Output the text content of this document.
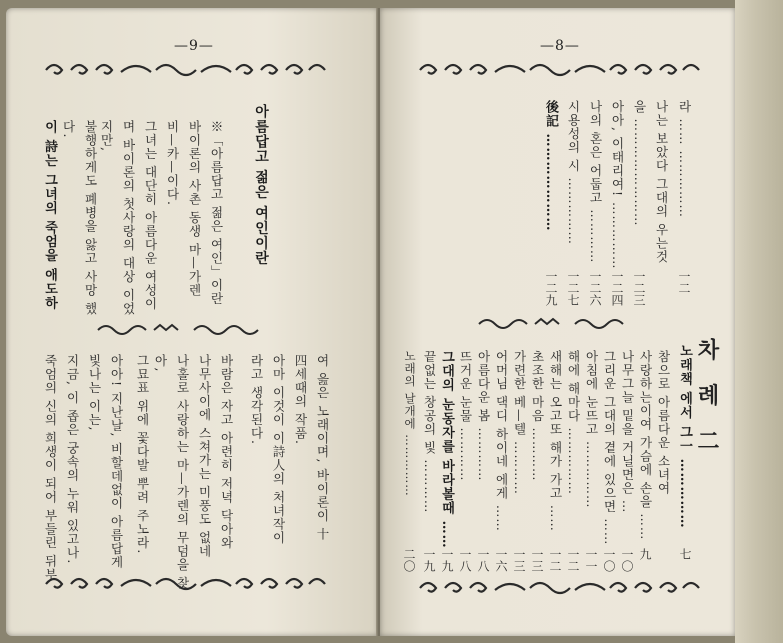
—9—
아름답고 젊은 여인이란
※「아름답고 젊은 여인」이란
바이론의 사촌 동생 마—가렌
비—카—이다.
그녀는 대단히 아름다운 여성이
며 바이론의 첫사랑의 대상 이었
지만,
불행하게도 폐병을 앓고 사망 했
다.
이 詩는 그녀의 죽엄을 애도하
여 읊은 노래이며, 바이론이 十
四세때의 작품.
아마 이것이 이詩人의 처녀작이
라고 생각된다.
바람은 자고 아련히 저녁 닥아와
나무사이에 스쳐가는 미풍도 없네
나홀로 사랑하는 마—가렌의 무덤을 찾
아,
그묘표 위에 꽃다발 뿌려 주노라.
아아! 지난날, 비할데없이 아름답게
빛나는 이는,
지금, 이 좁은 궁속의 누워 있고나.
죽엄의 신의 희생이 되어 부들린 뒤부
—8—
라 …… ……………
一二
나는 보았다 그대의 우는것
을 ……………………
一二三
아아, 이태리여! ……………
一二四
나의 혼은 어둡고 …………
一二六
시용성의 시 ……………
一二七
後記 …………………
一二九
차 례 二
노래책 에서 그一 ……………
七
참으로 아름다운 소녀여
사랑하는이여 가슴에 손을 ……
九
나무그늘 밑을 거닐면은 …
一〇
그리운 그대의 곁에 있으면 ……
一〇
아침에 눈뜨고 ……………
一一
해에 해마다 ……………
一二
새해는 오고또 해가 가고 ……
一二
초조한 마음 …………
一三
가련한 베—텔 …………
一三
어머님 댁디 하이네 에게 ……
一六
아름다운 봄 …………
一八
뜨거운 눈물 …………
一八
그대의 눈동자를 바라볼때 ……
一九
끝없는 창공의 빛 …………
一九
노래의 날개에 ……………
二〇
